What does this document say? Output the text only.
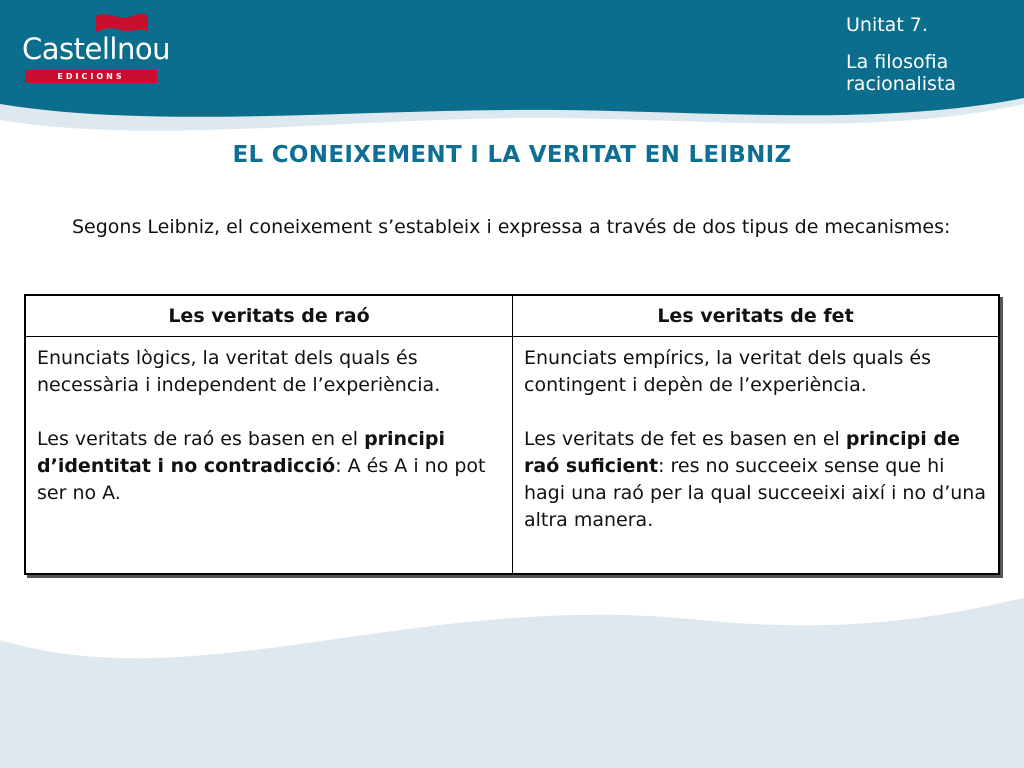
Castellnou
EDICIONS
Unitat 7.
La filosofia racionalista
EL CONEIXEMENT I LA VERITAT EN LEIBNIZ

Segons Leibniz, el coneixement s’estableix i expressa a través de dos tipus de mecanismes:

Les veritats de raó	Les veritats de fet

Enunciats lògics, la veritat dels quals és necessària i independent de l’experiència.

Les veritats de raó es basen en el principi d’identitat i no contradicció: A és A i no pot ser no A.

Enunciats empírics, la veritat dels quals és contingent i depèn de l’experiència.

Les veritats de fet es basen en el principi de raó suficient: res no succeeix sense que hi hagi una raó per la qual succeeixi així i no d’una altra manera.
